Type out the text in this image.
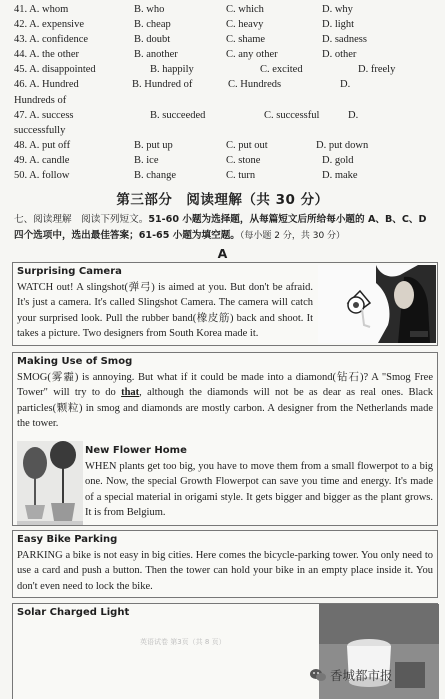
41. A. whom	B. who	C. which	D. why
42. A. expensive	B. cheap	C. heavy	D. light
43. A. confidence	B. doubt	C. shame	D. sadness
44. A. the other	B. another	C. any other	D. other
45. A. disappointed	B. happily	C. excited	D. freely
46. A. Hundred	B. Hundred of	C. Hundreds	D.
Hundreds of
47. A. success	B. succeeded	C. successful	D.
successfully
48. A. put off	B. put up	C. put out	D. put down
49. A. candle	B. ice	C. stone	D. gold
50. A. follow	B. change	C. turn	D. make
第三部分　阅读理解（共 30 分）
七、阅读理解　阅读下列短文。51-60 小题为选择题，从每篇短文后所给每小题的 A、B、C、D 四个选项中，选出最佳答案；61-65 小题为填空题。（每小题 2 分，共 30 分）
A
Surprising Camera
WATCH out! A slingshot(弹弓) is aimed at you. But don't be afraid. It's just a camera. It's called Slingshot Camera. The camera will catch your surprised look. Pull the rubber band(橡皮筋) back and shoot. It takes a picture. Two designers from South Korea made it.
Making Use of Smog
SMOG(雾霾) is annoying. But what if it could be made into a diamond(钻石)? A "Smog Free Tower" will try to do that, although the diamonds will not be as dear as real ones. Black particles(颗粒) in smog and diamonds are mostly carbon. A designer from the Netherlands made the tower.
New Flower Home
WHEN plants get too big, you have to move them from a small flowerpot to a big one. Now, the special Growth Flowerpot can save you time and energy. It's made of a special material in origami style. It gets bigger and bigger as the plant grows. It is from Belgium.
Easy Bike Parking
PARKING a bike is not easy in big cities. Here comes the bicycle-parking tower. You only need to use a card and push a button. Then the tower can hold your bike in an empty place inside it. You don't even need to lock the bike.
Solar Charged Light
英语试卷 第3页（共 8 页）
香城都市报
